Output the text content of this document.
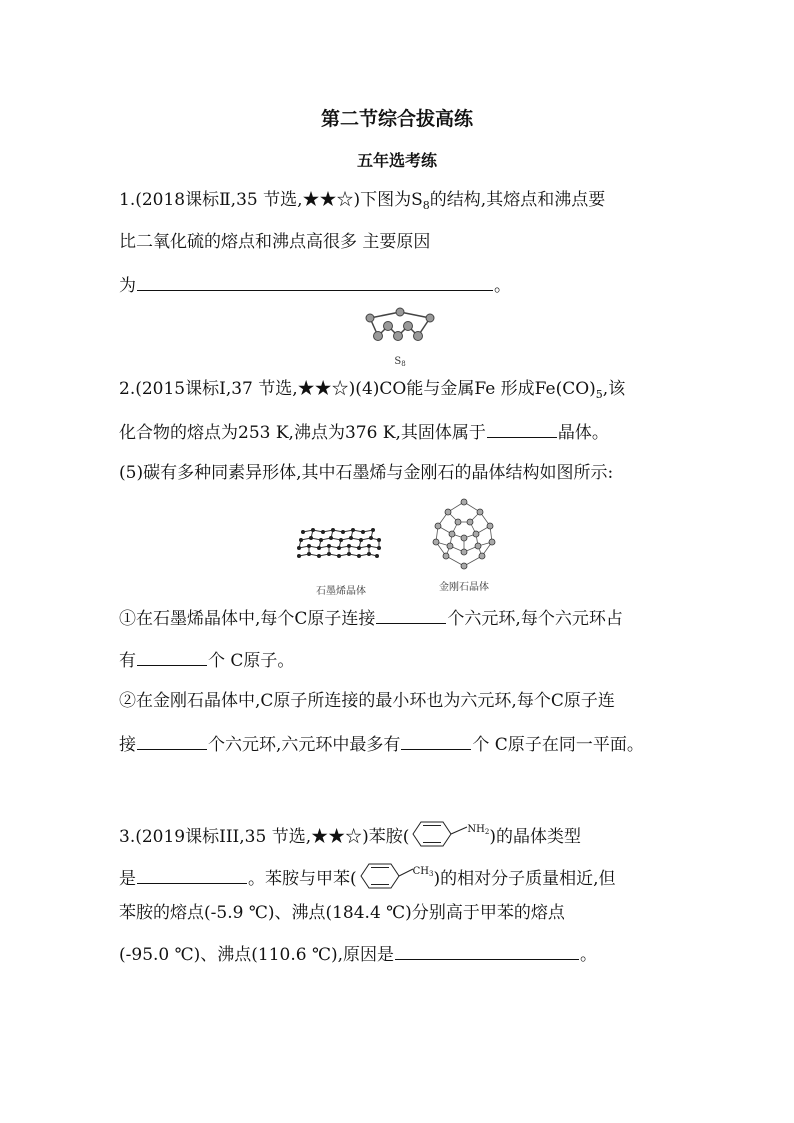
第二节综合拔高练
五年选考练
1.(2018课标Ⅱ,35 节选,★★☆)下图为$S_8$的结构,其熔点和沸点要
比二氧化硫的熔点和沸点高很多 主要原因
为	。
$S_8$
2.(2015课标Ⅰ,37 节选,★★☆)(4)CO能与金属Fe 形成$Fe(CO)_5$,该
化合物的熔点为253 K,沸点为376 K,其固体属于	晶体。
(5)碳有多种同素异形体,其中石墨烯与金刚石的晶体结构如图所示:
石墨烯晶体	金刚石晶体
①在石墨烯晶体中,每个C原子连接	个六元环,每个六元环占
有	个 C原子。
②在金刚石晶体中,C原子所连接的最小环也为六元环,每个C原子连
接	个六元环,六元环中最多有	个 C原子在同一平面。
3.(2019课标III,35 节选,★★☆)苯胺(	$NH_2$)的晶体类型
是	。苯胺与甲苯(	$CH_3$)的相对分子质量相近,但
苯胺的熔点(-5.9 ℃)、沸点(184.4 ℃)分别高于甲苯的熔点
(-95.0 ℃)、沸点(110.6 ℃),原因是	。
